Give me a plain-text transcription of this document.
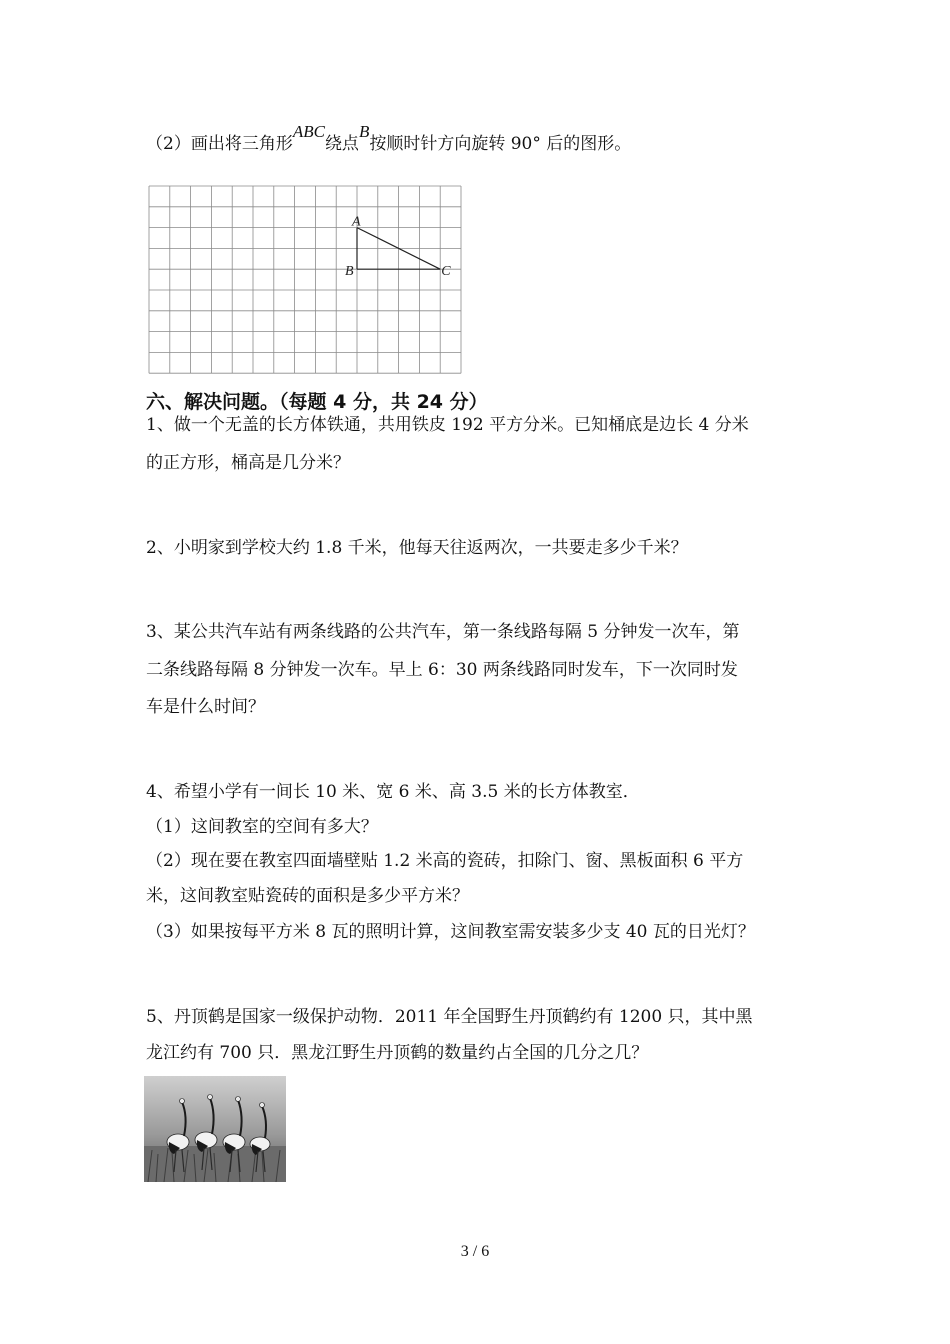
（2）画出将三角形ABC绕点B按顺时针方向旋转 90° 后的图形。
A
B	C
六、解决问题。（每题 4 分，共 24 分）
1、做一个无盖的长方体铁通，共用铁皮 192 平方分米。已知桶底是边长 4 分米
的正方形，桶高是几分米？
2、小明家到学校大约 1.8 千米，他每天往返两次，一共要走多少千米？
3、某公共汽车站有两条线路的公共汽车，第一条线路每隔 5 分钟发一次车，第
二条线路每隔 8 分钟发一次车。早上 6：30 两条线路同时发车，下一次同时发
车是什么时间？
4、希望小学有一间长 10 米、宽 6 米、高 3.5 米的长方体教室．
（1）这间教室的空间有多大？
（2）现在要在教室四面墙壁贴 1.2 米高的瓷砖，扣除门、窗、黑板面积 6 平方
米，这间教室贴瓷砖的面积是多少平方米？
（3）如果按每平方米 8 瓦的照明计算，这间教室需安装多少支 40 瓦的日光灯？
5、丹顶鹤是国家一级保护动物．2011 年全国野生丹顶鹤约有 1200 只，其中黑
龙江约有 700 只．黑龙江野生丹顶鹤的数量约占全国的几分之几？
3 / 6
